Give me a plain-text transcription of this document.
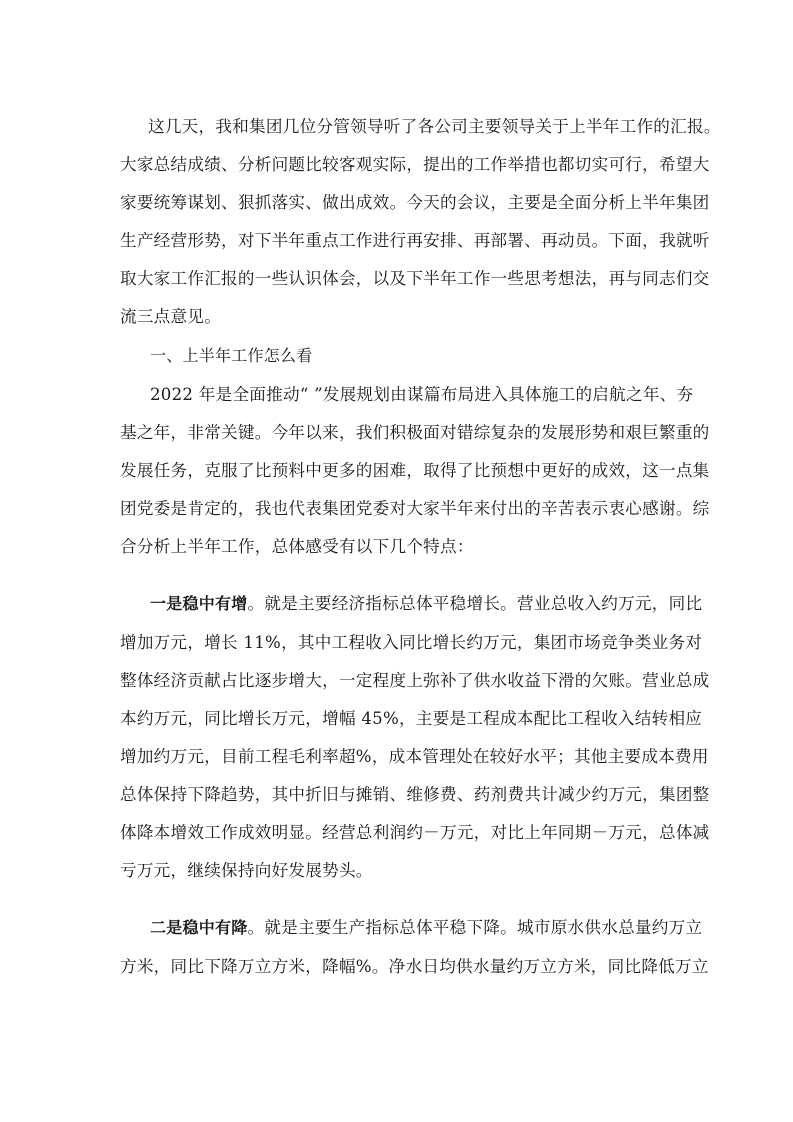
这几天，我和集团几位分管领导听了各公司主要领导关于上半年工作的汇报。
大家总结成绩、分析问题比较客观实际，提出的工作举措也都切实可行，希望大
家要统筹谋划、狠抓落实、做出成效。今天的会议，主要是全面分析上半年集团
生产经营形势，对下半年重点工作进行再安排、再部署、再动员。下面，我就听
取大家工作汇报的一些认识体会，以及下半年工作一些思考想法，再与同志们交
流三点意见。
一、上半年工作怎么看
2022 年是全面推动“ ”发展规划由谋篇布局进入具体施工的启航之年、夯
基之年，非常关键。今年以来，我们积极面对错综复杂的发展形势和艰巨繁重的
发展任务，克服了比预料中更多的困难，取得了比预想中更好的成效，这一点集
团党委是肯定的，我也代表集团党委对大家半年来付出的辛苦表示衷心感谢。综
合分析上半年工作，总体感受有以下几个特点：
一是稳中有增。就是主要经济指标总体平稳增长。营业总收入约万元，同比
增加万元，增长 11%，其中工程收入同比增长约万元，集团市场竞争类业务对
整体经济贡献占比逐步增大，一定程度上弥补了供水收益下滑的欠账。营业总成
本约万元，同比增长万元，增幅 45%，主要是工程成本配比工程收入结转相应
增加约万元，目前工程毛利率超%，成本管理处在较好水平；其他主要成本费用
总体保持下降趋势，其中折旧与摊销、维修费、药剂费共计减少约万元，集团整
体降本增效工作成效明显。经营总利润约－万元，对比上年同期－万元，总体减
亏万元，继续保持向好发展势头。
二是稳中有降。就是主要生产指标总体平稳下降。城市原水供水总量约万立
方米，同比下降万立方米，降幅%。净水日均供水量约万立方米，同比降低万立
